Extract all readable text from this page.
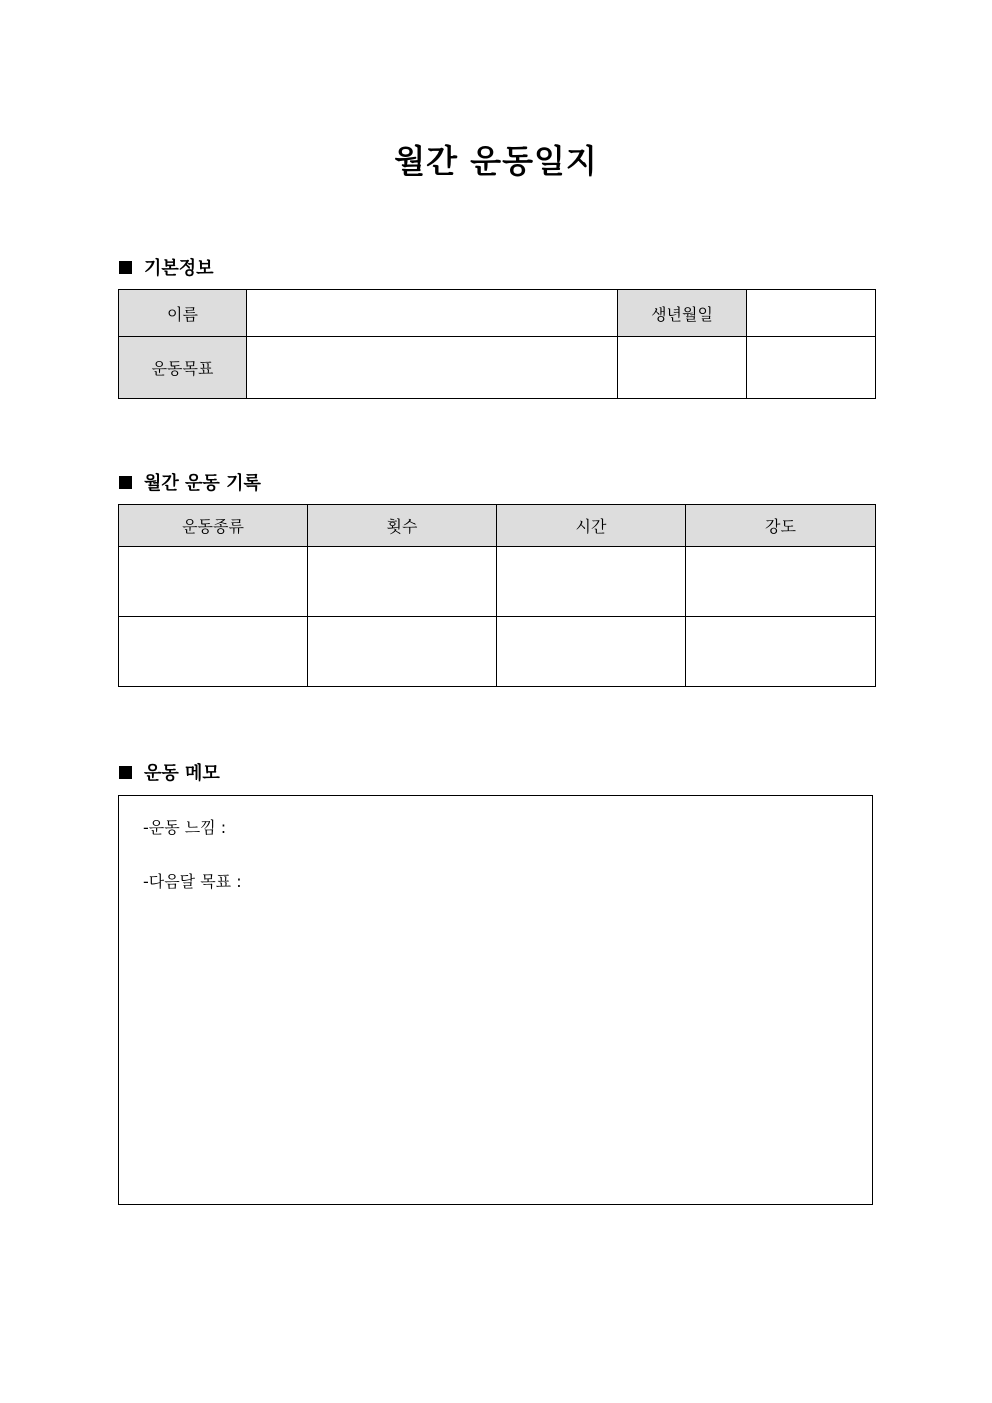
월간 운동일지
기본정보
이름		생년월일	
운동목표			
월간 운동 기록
운동종류	횟수	시간	강도

운동 메모
-운동 느낌 :
-다음달 목표 :
